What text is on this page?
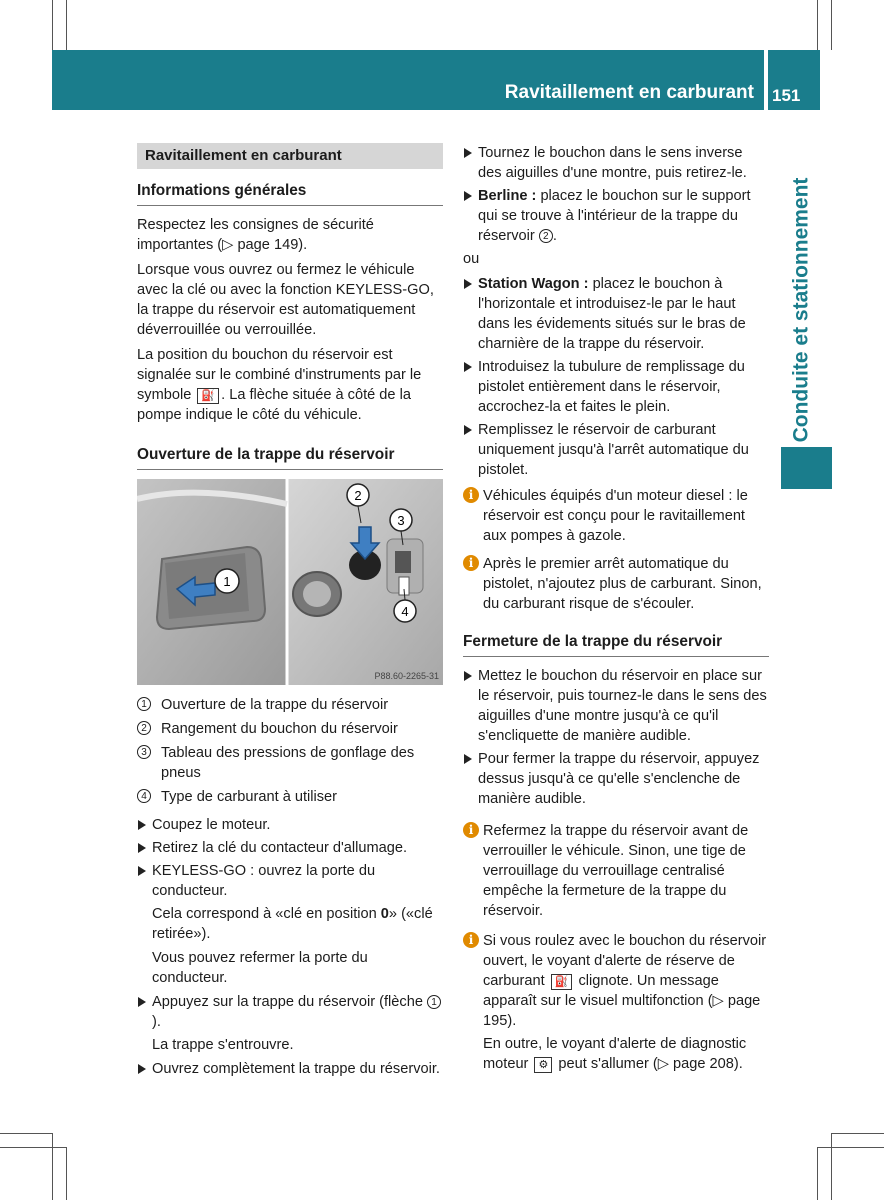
Ravitaillement en carburant 151
Conduite et stationnement
Ravitaillement en carburant
Informations générales

Respectez les consignes de sécurité importantes (▷ page 149).

Lorsque vous ouvrez ou fermez le véhicule avec la clé ou avec la fonction KEYLESS-GO, la trappe du réservoir est automatiquement déverrouillée ou verrouillée.

La position du bouchon du réservoir est signalée sur le combiné d'instruments par le symbole ⛽ . La flèche située à côté de la pompe indique le côté du véhicule.

Ouverture de la trappe du réservoir
1
2
3
4
P88.60-2265-31
1 Ouverture de la trappe du réservoir
2 Rangement du bouchon du réservoir
3 Tableau des pressions de gonflage des pneus
4 Type de carburant à utiliser
Coupez le moteur.
Retirez la clé du contacteur d'allumage.
KEYLESS-GO : ouvrez la porte du conducteur.
Cela correspond à «clé en position 0» («clé retirée»).
Vous pouvez refermer la porte du conducteur.
Appuyez sur la trappe du réservoir (flèche 1).
La trappe s'entrouvre.
Ouvrez complètement la trappe du réservoir.
Tournez le bouchon dans le sens inverse des aiguilles d'une montre, puis retirez-le.
Berline : placez le bouchon sur le support qui se trouve à l'intérieur de la trappe du réservoir 2 .

ou

Station Wagon : placez le bouchon à l'horizontale et introduisez-le par le haut dans les évidements situés sur le bras de charnière de la trappe du réservoir.
Introduisez la tubulure de remplissage du pistolet entièrement dans le réservoir, accrochez-la et faites le plein.
Remplissez le réservoir de carburant uniquement jusqu'à l'arrêt automatique du pistolet.
i Véhicules équipés d'un moteur diesel : le réservoir est conçu pour le ravitaillement aux pompes à gazole.
i Après le premier arrêt automatique du pistolet, n'ajoutez plus de carburant. Sinon, du carburant risque de s'écouler.
Fermeture de la trappe du réservoir
Mettez le bouchon du réservoir en place sur le réservoir, puis tournez-le dans le sens des aiguilles d'une montre jusqu'à ce qu'il s'encliquette de manière audible.
Pour fermer la trappe du réservoir, appuyez dessus jusqu'à ce qu'elle s'enclenche de manière audible.
i Refermez la trappe du réservoir avant de verrouiller le véhicule. Sinon, une tige de verrouillage du verrouillage centralisé empêche la fermeture de la trappe du réservoir.
i Si vous roulez avec le bouchon du réservoir ouvert, le voyant d'alerte de réserve de carburant ⛽ clignote. Un message apparaît sur le visuel multifonction (▷ page 195).
En outre, le voyant d'alerte de diagnostic moteur ⚙ peut s'allumer (▷ page 208).
